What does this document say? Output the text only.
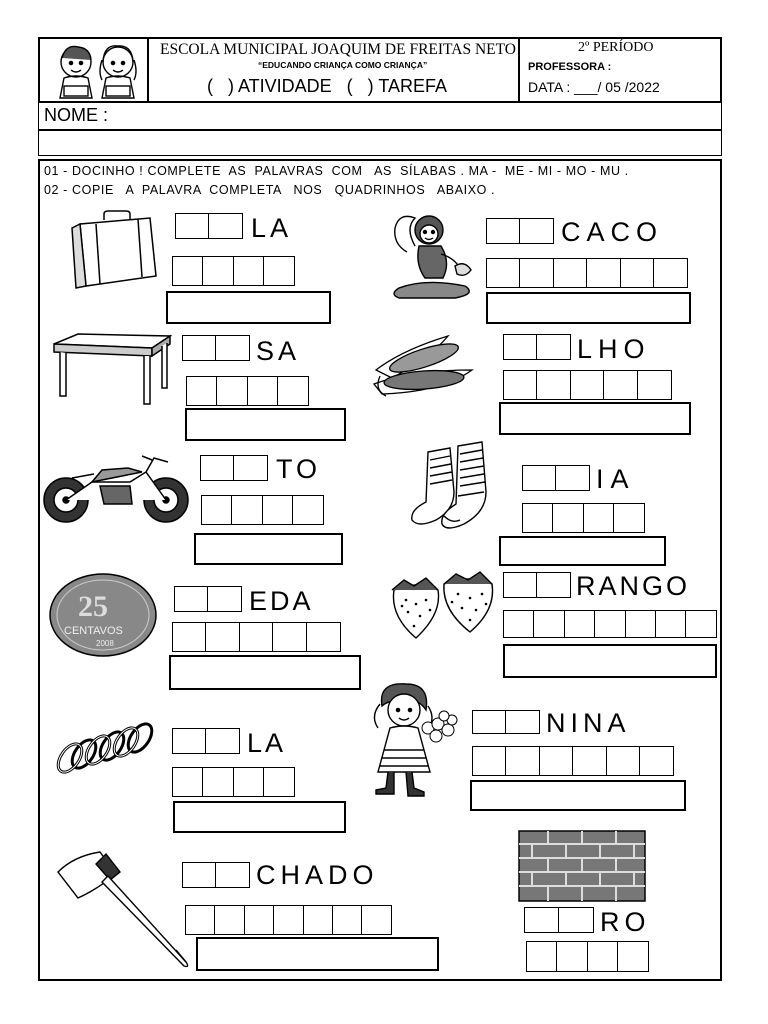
ESCOLA MUNICIPAL JOAQUIM DE FREITAS NETO
“EDUCANDO CRIANÇA COMO CRIANÇA”
(   ) ATIVIDADE   (   ) TAREFA
2º PERÍODO
PROFESSORA :
DATA : ___/ 05 /2022
NOME :
01 - DOCINHO ! COMPLETE  AS  PALAVRAS  COM   AS  SÍLABAS . MA -  ME - MI - MO - MU .
02 - COPIE   A  PALAVRA  COMPLETA   NOS   QUADRINHOS   ABAIXO .
LA	CACO
SA	LHO
TO	IA
25
CENTAVOS
2008
EDA	RANGO
LA
NINA
CHADO
RO
